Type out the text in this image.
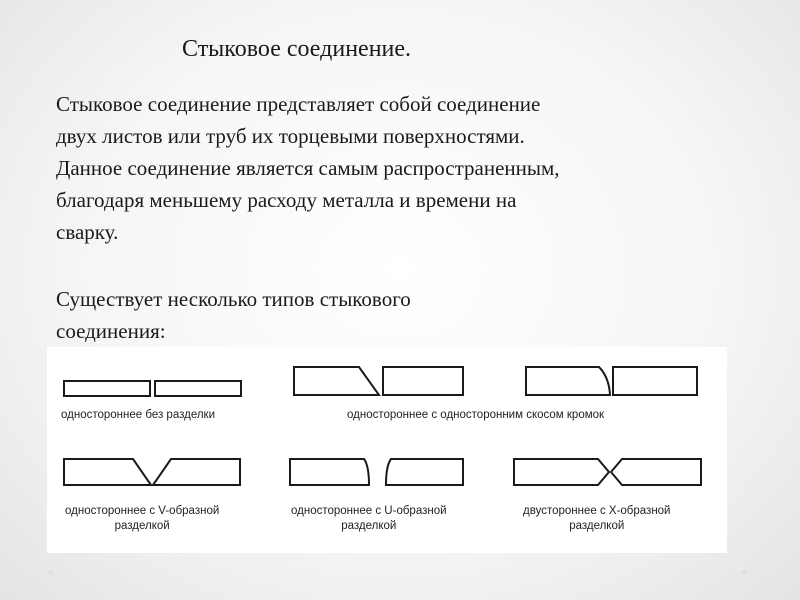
Стыковое соединение.
Стыковое соединение представляет собой соединение
двух листов или труб их торцевыми поверхностями.
Данное соединение является самым распространенным,
благодаря меньшему расходу металла и времени на
сварку.
Существует несколько типов стыкового
соединения:
одностороннее без разделки	одностороннее с односторонним скосом кромок
одностороннее с V-образной
разделкой
одностороннее с U-образной
разделкой
двустороннее с X-образной
разделкой
◦	◦
